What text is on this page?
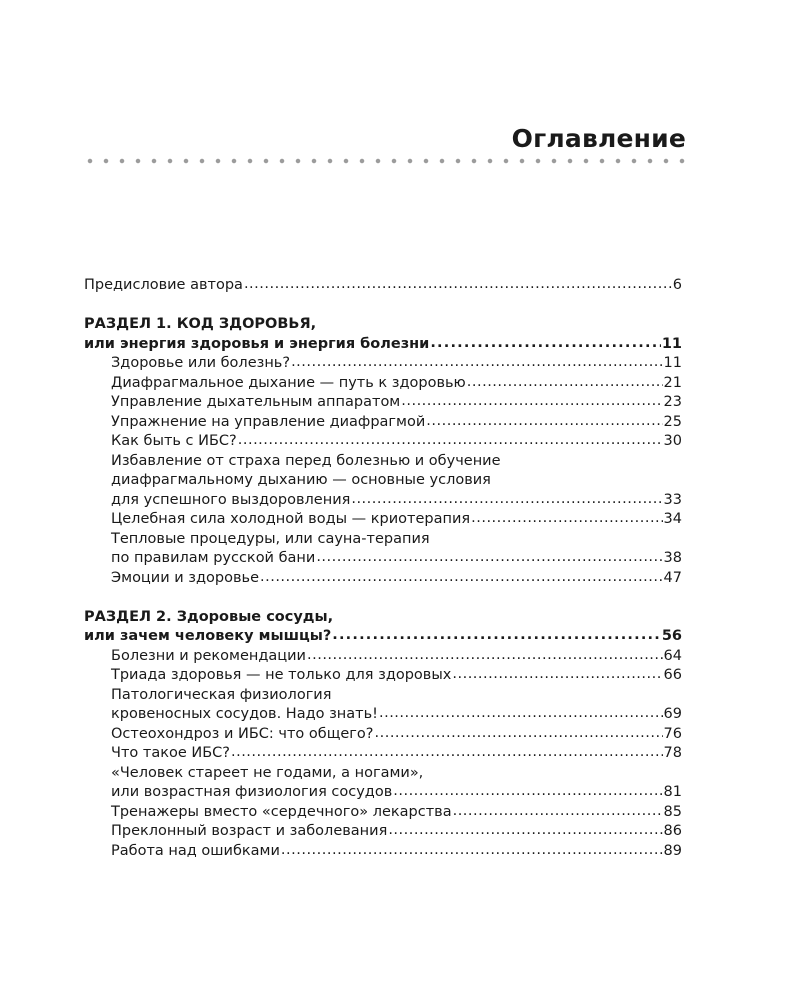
Оглавление
Предисловие автора .....	6
РАЗДЕЛ 1. КОД ЗДОРОВЬЯ,
или энергия здоровья и энергия болезни .....	11
Здоровье или болезнь? .....	11
Диафрагмальное дыхание — путь к здоровью .....	21
Управление дыхательным аппаратом .....	23
Упражнение на управление диафрагмой .....	25
Как быть с ИБС? .....	30
Избавление от страха перед болезнью и обучение
диафрагмальному дыханию — основные условия
для успешного выздоровления .....	33
Целебная сила холодной воды — криотерапия .....	34
Тепловые процедуры, или сауна-терапия
по правилам русской бани .....	38
Эмоции и здоровье .....	47
РАЗДЕЛ 2. Здоровые сосуды,
или зачем человеку мышцы? .....	56
Болезни и рекомендации .....	64
Триада здоровья — не только для здоровых .....	66
Патологическая физиология
кровеносных сосудов. Надо знать! .....	69
Остеохондроз и ИБС: что общего? .....	76
Что такое ИБС? .....	78
«Человек стареет не годами, а ногами»,
или возрастная физиология сосудов .....	81
Тренажеры вместо «сердечного» лекарства .....	85
Преклонный возраст и заболевания .....	86
Работа над ошибками .....	89
